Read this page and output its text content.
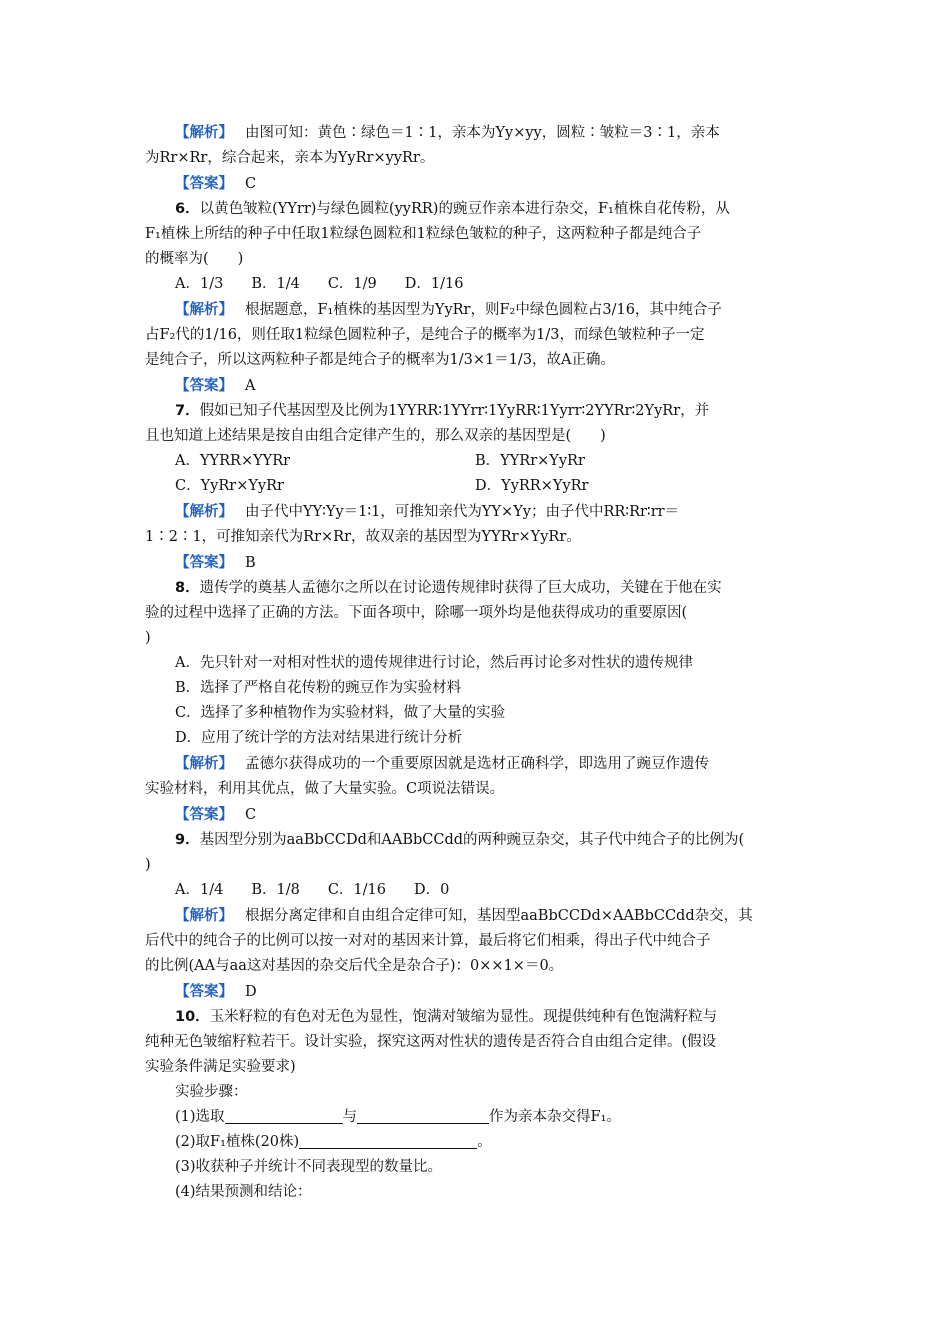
【解析】 由图可知：黄色∶绿色＝1∶1，亲本为Yy×yy，圆粒∶皱粒＝3∶1，亲本

为Rr×Rr，综合起来，亲本为YyRr×yyRr。

【答案】 C

6．以黄色皱粒(YYrr)与绿色圆粒(yyRR)的豌豆作亲本进行杂交，F₁植株自花传粉，从

F₁植株上所结的种子中任取1粒绿色圆粒和1粒绿色皱粒的种子，这两粒种子都是纯合子

的概率为(　　)

A．1/3 B．1/4 C．1/9 D．1/16

【解析】 根据题意，F₁植株的基因型为YyRr，则F₂中绿色圆粒占3/16，其中纯合子

占F₂代的1/16，则任取1粒绿色圆粒种子，是纯合子的概率为1/3，而绿色皱粒种子一定

是纯合子，所以这两粒种子都是纯合子的概率为1/3×1＝1/3，故A正确。

【答案】 A

7．假如已知子代基因型及比例为1YYRR∶1YYrr∶1YyRR∶1Yyrr∶2YYRr∶2YyRr，并

且也知道上述结果是按自由组合定律产生的，那么双亲的基因型是(　　)

A．YYRR×YYRr	B．YYRr×YyRr
C．YyRr×YyRr	D．YyRR×YyRr

【解析】 由子代中YY∶Yy＝1∶1，可推知亲代为YY×Yy；由子代中RR∶Rr∶rr＝

1∶2∶1，可推知亲代为Rr×Rr，故双亲的基因型为YYRr×YyRr。

【答案】 B

8．遗传学的奠基人孟德尔之所以在讨论遗传规律时获得了巨大成功，关键在于他在实

验的过程中选择了正确的方法。下面各项中，除哪一项外均是他获得成功的重要原因(

)

A．先只针对一对相对性状的遗传规律进行讨论，然后再讨论多对性状的遗传规律

B．选择了严格自花传粉的豌豆作为实验材料

C．选择了多种植物作为实验材料，做了大量的实验

D．应用了统计学的方法对结果进行统计分析

【解析】 孟德尔获得成功的一个重要原因就是选材正确科学，即选用了豌豆作遗传

实验材料，利用其优点，做了大量实验。C项说法错误。

【答案】 C

9．基因型分别为aaBbCCDd和AABbCCdd的两种豌豆杂交，其子代中纯合子的比例为(

)

A．1/4 B．1/8 C．1/16 D．0

【解析】 根据分离定律和自由组合定律可知，基因型aaBbCCDd×AABbCCdd杂交，其

后代中的纯合子的比例可以按一对对的基因来计算，最后将它们相乘，得出子代中纯合子

的比例(AA与aa这对基因的杂交后代全是杂合子)：0××1×＝0。

【答案】 D

10．玉米籽粒的有色对无色为显性，饱满对皱缩为显性。现提供纯种有色饱满籽粒与

纯种无色皱缩籽粒若干。设计实验，探究这两对性状的遗传是否符合自由组合定律。(假设

实验条件满足实验要求)

实验步骤：

(1)选取	与	作为亲本杂交得F₁。

(2)取F₁植株(20株)	。

(3)收获种子并统计不同表现型的数量比。

(4)结果预测和结论：
